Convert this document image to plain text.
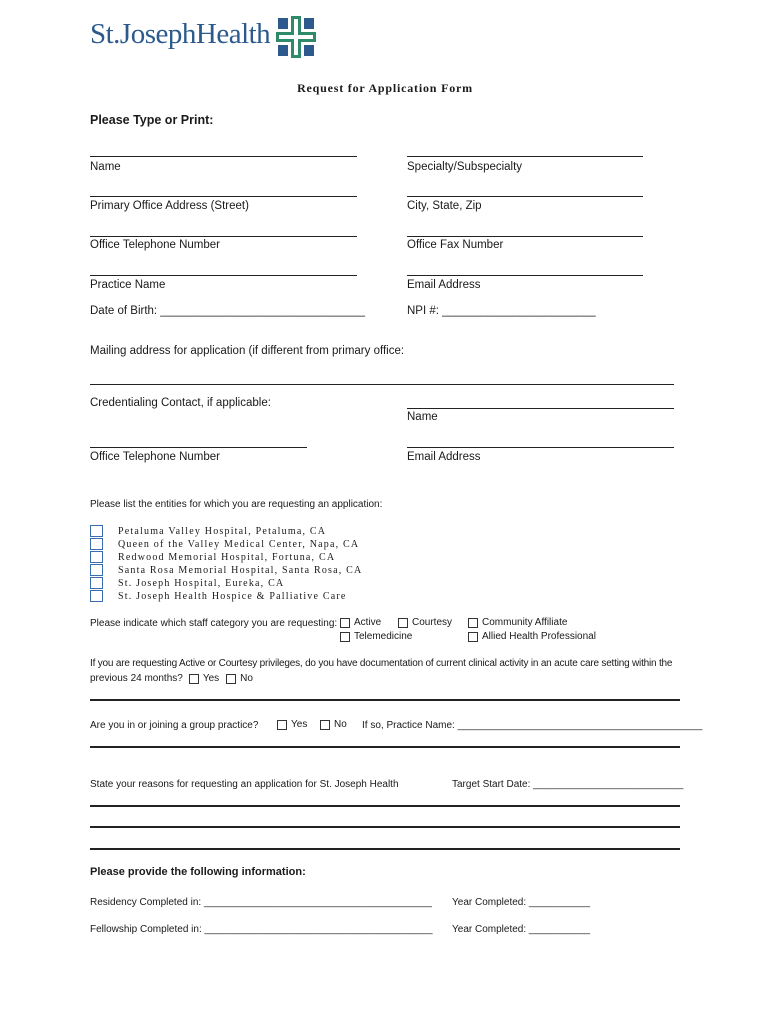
St.JosephHealth
Request for Application Form
Please Type or Print:
Name	Specialty/Subspecialty
Primary Office Address (Street)	City, State, Zip
Office Telephone Number	Office Fax Number
Practice Name	Email Address
Date of Birth: ________________________________	NPI #: ________________________
Mailing address for application (if different from primary office:
Credentialing Contact, if applicable:
Name
Office Telephone Number	Email Address
Please list the entities for which you are requesting an application:
Petaluma Valley Hospital, Petaluma, CA
Queen of the Valley Medical Center, Napa, CA
Redwood Memorial Hospital, Fortuna, CA
Santa Rosa Memorial Hospital, Santa Rosa, CA
St. Joseph Hospital, Eureka, CA
St. Joseph Health Hospice & Palliative Care
Please indicate which staff category you are requesting: Active	Courtesy	Community Affiliate
Telemedicine	Allied Health Professional
If you are requesting Active or Courtesy privileges, do you have documentation of current clinical activity in an acute care setting within the
previous 24 months? Yes No
Are you in or joining a group practice?	Yes	No If so, Practice Name: ____________________________________________
State your reasons for requesting an application for St. Joseph Health	Target Start Date: ___________________________
Please provide the following information:
Residency Completed in: _________________________________________ Year Completed: ___________
Fellowship Completed in: _________________________________________ Year Completed: ___________
